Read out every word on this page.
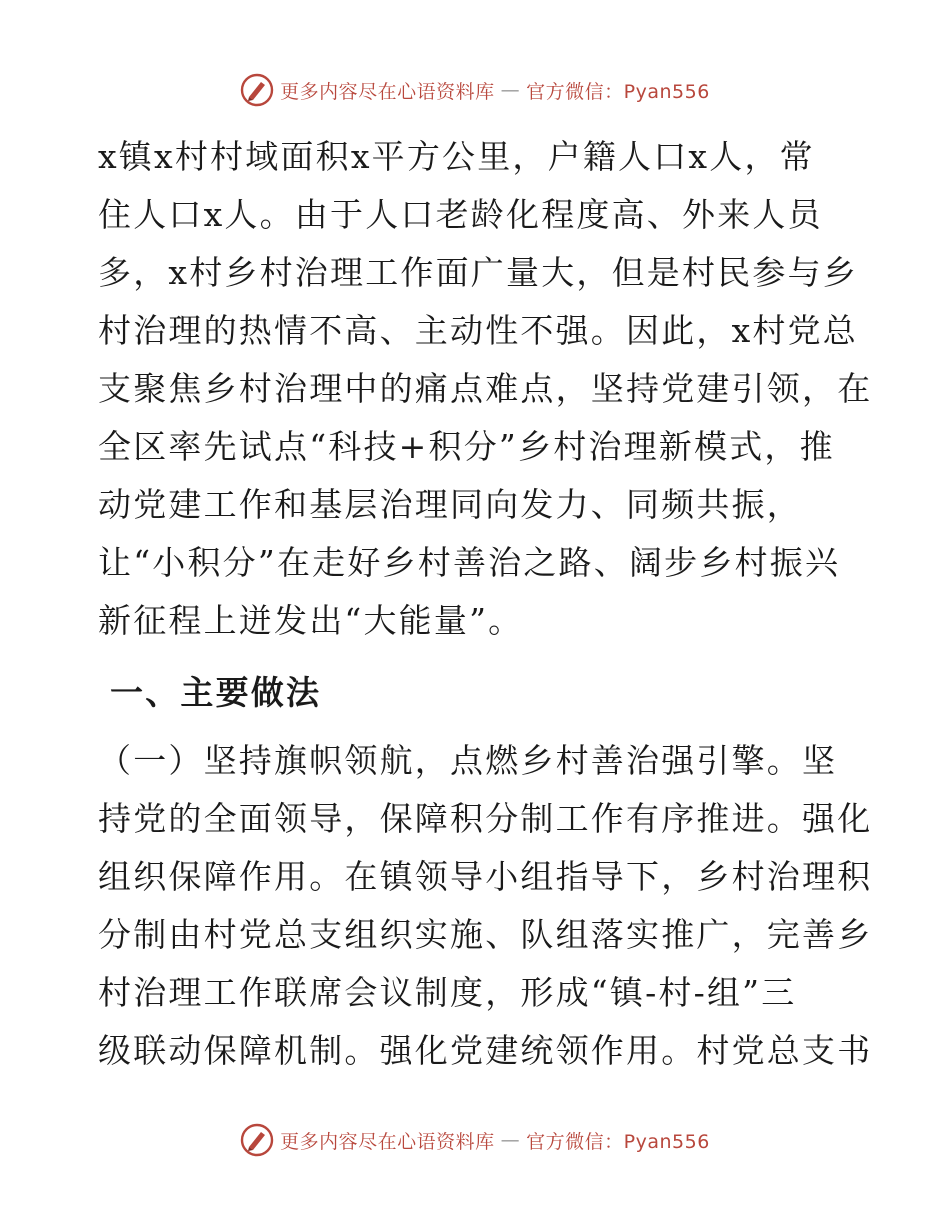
更多内容尽在心语资料库 — 官方微信：Pyan556

x镇x村村域面积x平方公里，户籍人口x人，常
住人口x人。由于人口老龄化程度高、外来人员
多，x村乡村治理工作面广量大，但是村民参与乡
村治理的热情不高、主动性不强。因此，x村党总
支聚焦乡村治理中的痛点难点，坚持党建引领，在
全区率先试点“科技+积分”乡村治理新模式，推
动党建工作和基层治理同向发力、同频共振，
让“小积分”在走好乡村善治之路、阔步乡村振兴
新征程上迸发出“大能量”。

一、主要做法

（一）坚持旗帜领航，点燃乡村善治强引擎。坚
持党的全面领导，保障积分制工作有序推进。强化
组织保障作用。在镇领导小组指导下，乡村治理积
分制由村党总支组织实施、队组落实推广，完善乡
村治理工作联席会议制度，形成“镇-村-组”三
级联动保障机制。强化党建统领作用。村党总支书

更多内容尽在心语资料库 — 官方微信：Pyan556
